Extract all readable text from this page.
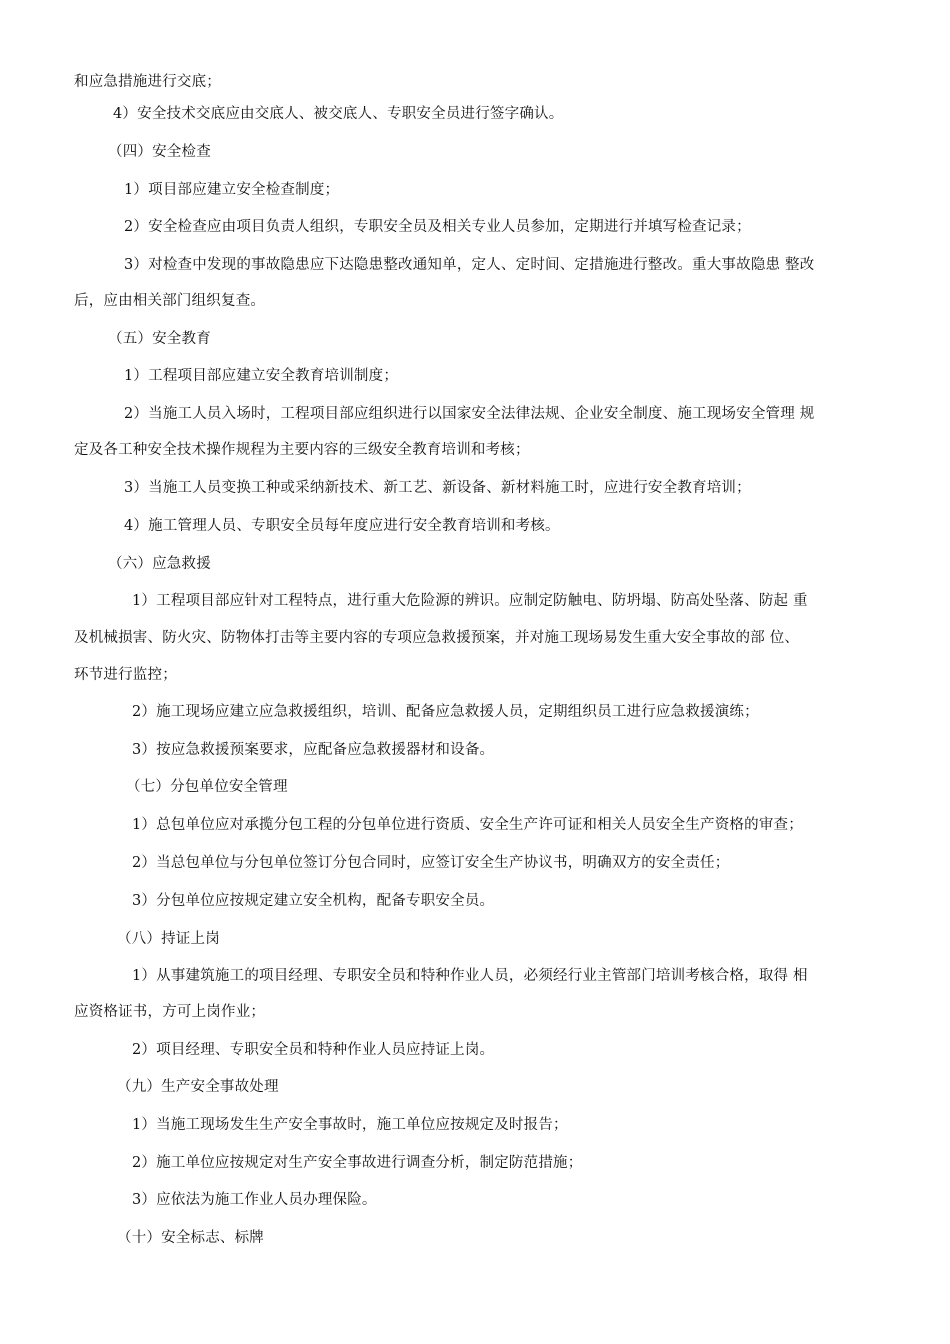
和应急措施进行交底；
4）安全技术交底应由交底人、被交底人、专职安全员进行签字确认。
（四）安全检查
1）项目部应建立安全检查制度；
2）安全检查应由项目负责人组织，专职安全员及相关专业人员参加，定期进行并填写检查记录；
3）对检查中发现的事故隐患应下达隐患整改通知单，定人、定时间、定措施进行整改。重大事故隐患 整改
后，应由相关部门组织复查。
（五）安全教育
1）工程项目部应建立安全教育培训制度；
2）当施工人员入场时，工程项目部应组织进行以国家安全法律法规、企业安全制度、施工现场安全管理 规
定及各工种安全技术操作规程为主要内容的三级安全教育培训和考核；
3）当施工人员变换工种或采纳新技术、新工艺、新设备、新材料施工时，应进行安全教育培训；
4）施工管理人员、专职安全员每年度应进行安全教育培训和考核。
（六）应急救援
1）工程项目部应针对工程特点，进行重大危险源的辨识。应制定防触电、防坍塌、防高处坠落、防起 重
及机械损害、防火灾、防物体打击等主要内容的专项应急救援预案，并对施工现场易发生重大安全事故的部 位、
环节进行监控；
2）施工现场应建立应急救援组织，培训、配备应急救援人员，定期组织员工进行应急救援演练；
3）按应急救援预案要求，应配备应急救援器材和设备。
（七）分包单位安全管理
1）总包单位应对承揽分包工程的分包单位进行资质、安全生产许可证和相关人员安全生产资格的审查；
2）当总包单位与分包单位签订分包合同时，应签订安全生产协议书，明确双方的安全责任；
3）分包单位应按规定建立安全机构，配备专职安全员。
（八）持证上岗
1）从事建筑施工的项目经理、专职安全员和特种作业人员，必须经行业主管部门培训考核合格，取得 相
应资格证书，方可上岗作业；
2）项目经理、专职安全员和特种作业人员应持证上岗。
（九）生产安全事故处理
1）当施工现场发生生产安全事故时，施工单位应按规定及时报告；
2）施工单位应按规定对生产安全事故进行调查分析，制定防范措施；
3）应依法为施工作业人员办理保险。
（十）安全标志、标牌
